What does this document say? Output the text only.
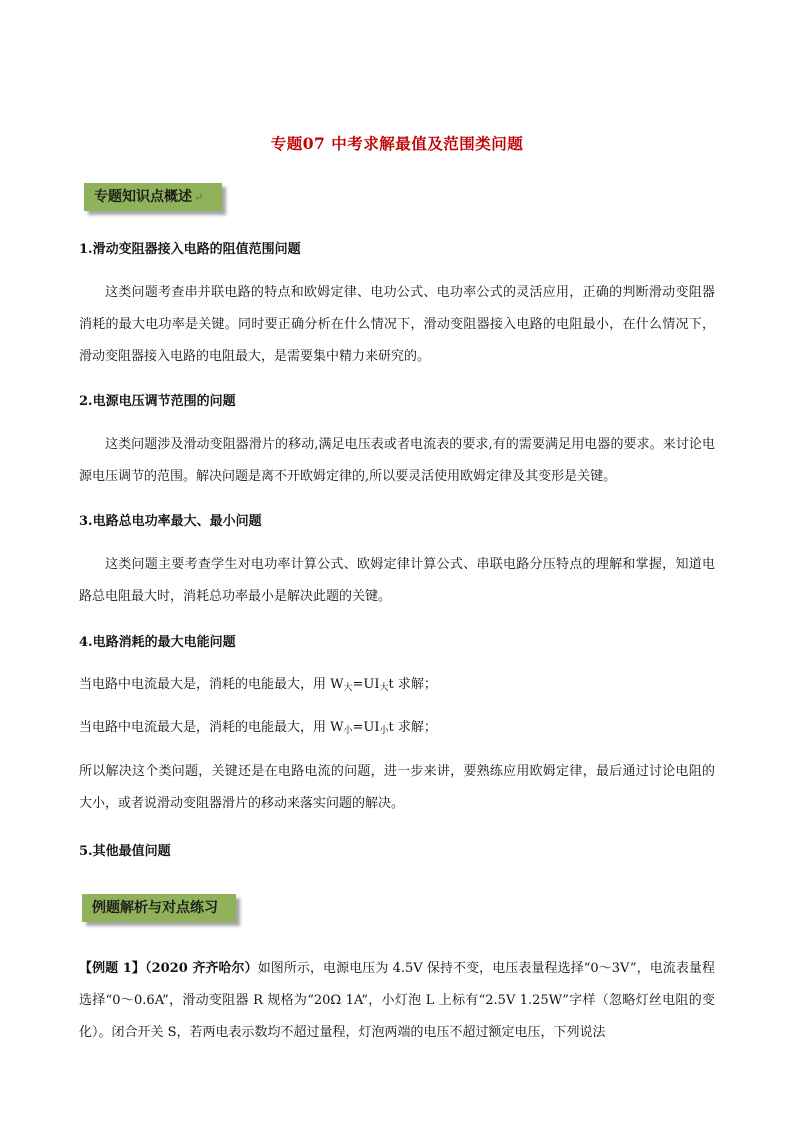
专题07 中考求解最值及范围类问题
专题知识点概述 ↵
1.滑动变阻器接入电路的阻值范围问题
这类问题考查串并联电路的特点和欧姆定律、电功公式、电功率公式的灵活应用，正确的判断滑动变阻器消耗的最大电功率是关键。同时要正确分析在什么情况下，滑动变阻器接入电路的电阻最小，在什么情况下，滑动变阻器接入电路的电阻最大，是需要集中精力来研究的。
2.电源电压调节范围的问题
这类问题涉及滑动变阻器滑片的移动,满足电压表或者电流表的要求,有的需要满足用电器的要求。来讨论电源电压调节的范围。解决问题是离不开欧姆定律的,所以要灵活使用欧姆定律及其变形是关键。
3.电路总电功率最大、最小问题
这类问题主要考查学生对电功率计算公式、欧姆定律计算公式、串联电路分压特点的理解和掌握，知道电路总电阻最大时，消耗总功率最小是解决此题的关键。
4.电路消耗的最大电能问题
当电路中电流最大是，消耗的电能最大，用 $W_大=UI_大t$ 求解；
当电路中电流最大是，消耗的电能最大，用 $W_小=UI_小t$ 求解；
所以解决这个类问题，关键还是在电路电流的问题，进一步来讲，要熟练应用欧姆定律，最后通过讨论电阻的大小，或者说滑动变阻器滑片的移动来落实问题的解决。
5.其他最值问题
例题解析与对点练习
【例题 1】（2020 齐齐哈尔）如图所示，电源电压为 4.5V 保持不变，电压表量程选择“0～3V”，电流表量程选择“0～0.6A”，滑动变阻器 R 规格为“20Ω 1A”，小灯泡 L 上标有“2.5V 1.25W”字样（忽略灯丝电阻的变化）。闭合开关 S，若两电表示数均不超过量程，灯泡两端的电压不超过额定电压，下列说法
